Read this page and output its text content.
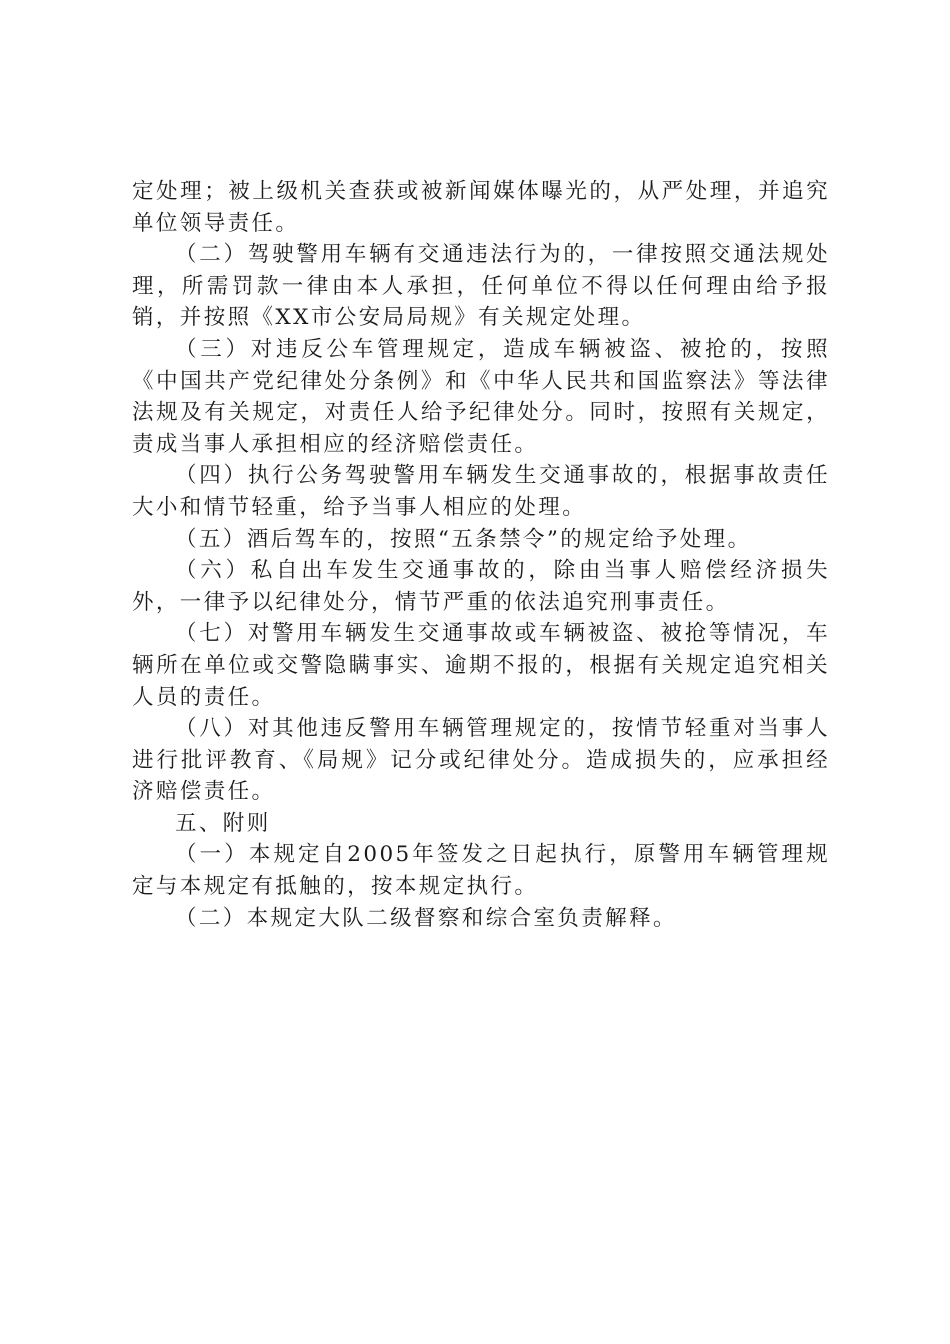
定处理；被上级机关查获或被新闻媒体曝光的，从严处理，并追究单位领导责任。

（二）驾驶警用车辆有交通违法行为的，一律按照交通法规处理，所需罚款一律由本人承担，任何单位不得以任何理由给予报销，并按照《XX市公安局局规》有关规定处理。

（三）对违反公车管理规定，造成车辆被盗、被抢的，按照《中国共产党纪律处分条例》和《中华人民共和国监察法》等法律法规及有关规定，对责任人给予纪律处分。同时，按照有关规定，责成当事人承担相应的经济赔偿责任。

（四）执行公务驾驶警用车辆发生交通事故的，根据事故责任大小和情节轻重，给予当事人相应的处理。

（五）酒后驾车的，按照“五条禁令”的规定给予处理。

（六）私自出车发生交通事故的，除由当事人赔偿经济损失外，一律予以纪律处分，情节严重的依法追究刑事责任。

（七）对警用车辆发生交通事故或车辆被盗、被抢等情况，车辆所在单位或交警隐瞒事实、逾期不报的，根据有关规定追究相关人员的责任。

（八）对其他违反警用车辆管理规定的，按情节轻重对当事人进行批评教育、《局规》记分或纪律处分。造成损失的，应承担经济赔偿责任。

五、附则

（一）本规定自2005年签发之日起执行，原警用车辆管理规定与本规定有抵触的，按本规定执行。

（二）本规定大队二级督察和综合室负责解释。
